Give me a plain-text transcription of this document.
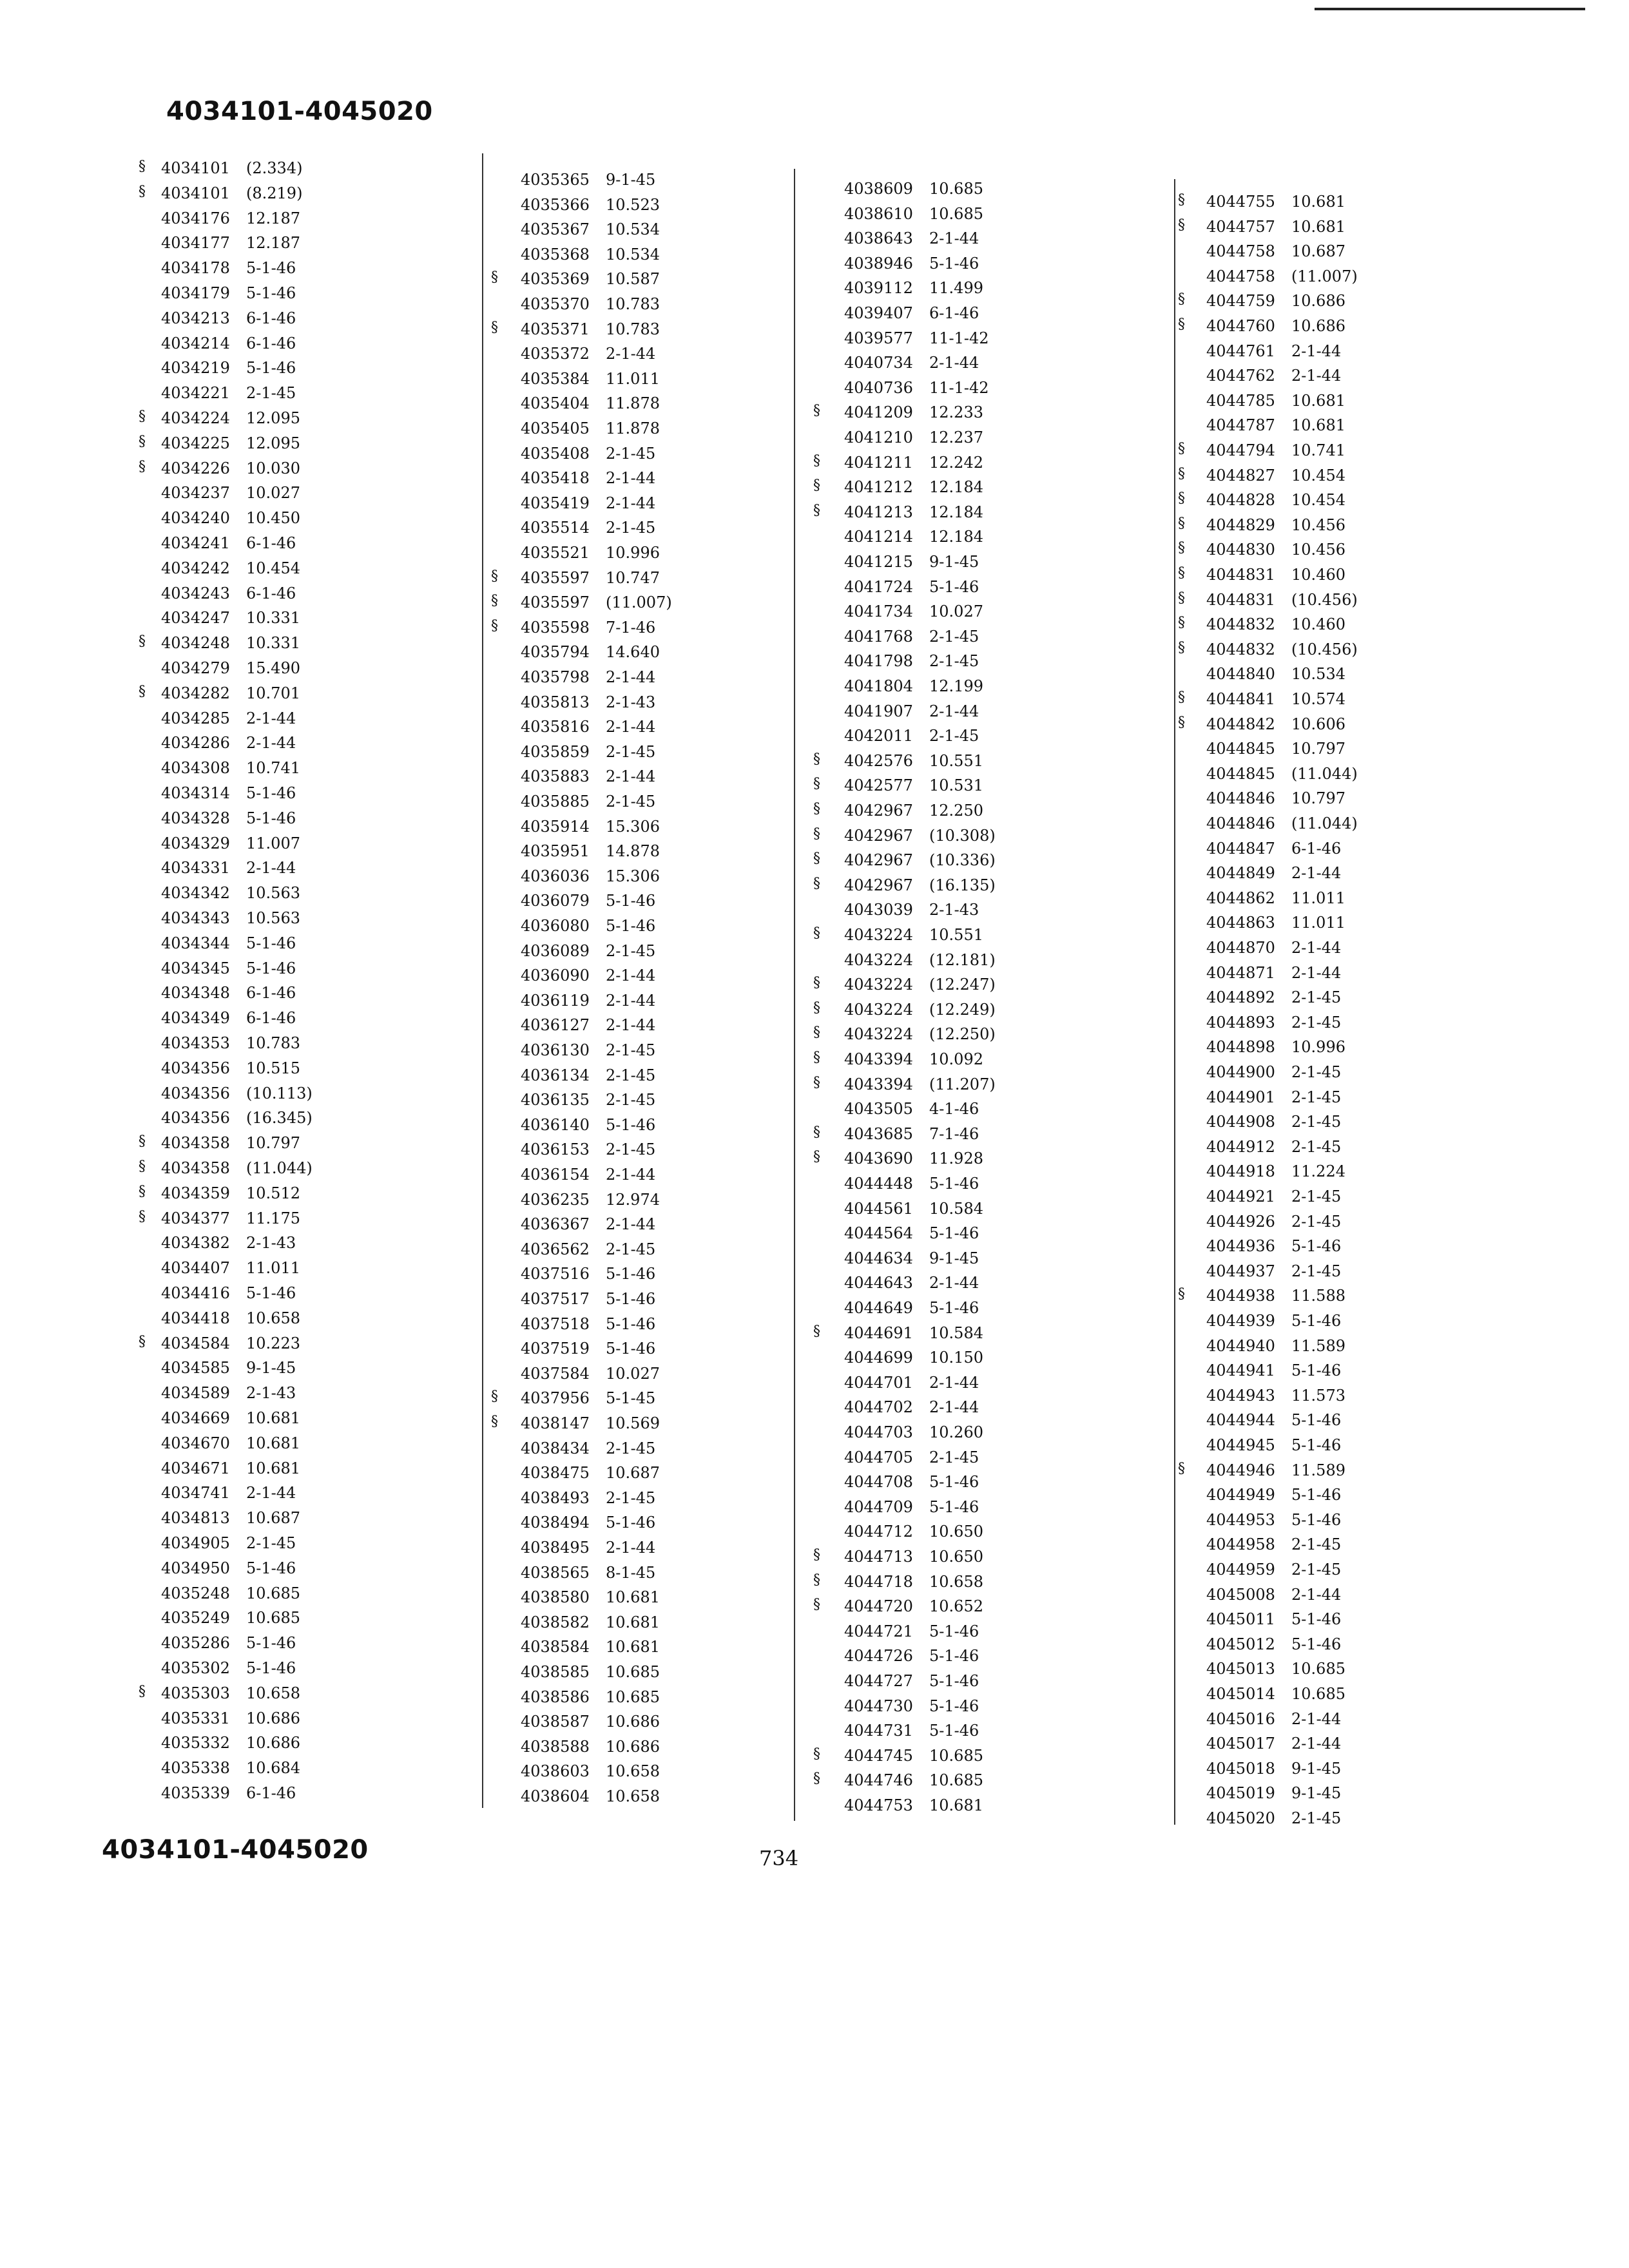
4034101-4045020
§ 4034101 (2.334)
§ 4034101 (8.219)
4034176 12.187
4034177 12.187
4034178 5-1-46
4034179 5-1-46
4034213 6-1-46
4034214 6-1-46
4034219 5-1-46
4034221 2-1-45
§ 4034224 12.095
§ 4034225 12.095
§ 4034226 10.030
4034237 10.027
4034240 10.450
4034241 6-1-46
4034242 10.454
4034243 6-1-46
4034247 10.331
§ 4034248 10.331
4034279 15.490
§ 4034282 10.701
4034285 2-1-44
4034286 2-1-44
4034308 10.741
4034314 5-1-46
4034328 5-1-46
4034329 11.007
4034331 2-1-44
4034342 10.563
4034343 10.563
4034344 5-1-46
4034345 5-1-46
4034348 6-1-46
4034349 6-1-46
4034353 10.783
4034356 10.515
4034356 (10.113)
4034356 (16.345)
§ 4034358 10.797
§ 4034358 (11.044)
§ 4034359 10.512
§ 4034377 11.175
4034382 2-1-43
4034407 11.011
4034416 5-1-46
4034418 10.658
§ 4034584 10.223
4034585 9-1-45
4034589 2-1-43
4034669 10.681
4034670 10.681
4034671 10.681
4034741 2-1-44
4034813 10.687
4034905 2-1-45
4034950 5-1-46
4035248 10.685
4035249 10.685
4035286 5-1-46
4035302 5-1-46
§ 4035303 10.658
4035331 10.686
4035332 10.686
4035338 10.684
4035339 6-1-46
4035365 9-1-45
4035366 10.523
4035367 10.534
4035368 10.534
§ 4035369 10.587
4035370 10.783
§ 4035371 10.783
4035372 2-1-44
4035384 11.011
4035404 11.878
4035405 11.878
4035408 2-1-45
4035418 2-1-44
4035419 2-1-44
4035514 2-1-45
4035521 10.996
§ 4035597 10.747
§ 4035597 (11.007)
§ 4035598 7-1-46
4035794 14.640
4035798 2-1-44
4035813 2-1-43
4035816 2-1-44
4035859 2-1-45
4035883 2-1-44
4035885 2-1-45
4035914 15.306
4035951 14.878
4036036 15.306
4036079 5-1-46
4036080 5-1-46
4036089 2-1-45
4036090 2-1-44
4036119 2-1-44
4036127 2-1-44
4036130 2-1-45
4036134 2-1-45
4036135 2-1-45
4036140 5-1-46
4036153 2-1-45
4036154 2-1-44
4036235 12.974
4036367 2-1-44
4036562 2-1-45
4037516 5-1-46
4037517 5-1-46
4037518 5-1-46
4037519 5-1-46
4037584 10.027
§ 4037956 5-1-45
§ 4038147 10.569
4038434 2-1-45
4038475 10.687
4038493 2-1-45
4038494 5-1-46
4038495 2-1-44
4038565 8-1-45
4038580 10.681
4038582 10.681
4038584 10.681
4038585 10.685
4038586 10.685
4038587 10.686
4038588 10.686
4038603 10.658
4038604 10.658
4038609 10.685
4038610 10.685
4038643 2-1-44
4038946 5-1-46
4039112 11.499
4039407 6-1-46
4039577 11-1-42
4040734 2-1-44
4040736 11-1-42
§ 4041209 12.233
4041210 12.237
§ 4041211 12.242
§ 4041212 12.184
§ 4041213 12.184
4041214 12.184
4041215 9-1-45
4041724 5-1-46
4041734 10.027
4041768 2-1-45
4041798 2-1-45
4041804 12.199
4041907 2-1-44
4042011 2-1-45
§ 4042576 10.551
§ 4042577 10.531
§ 4042967 12.250
§ 4042967 (10.308)
§ 4042967 (10.336)
§ 4042967 (16.135)
4043039 2-1-43
§ 4043224 10.551
4043224 (12.181)
§ 4043224 (12.247)
§ 4043224 (12.249)
§ 4043224 (12.250)
§ 4043394 10.092
§ 4043394 (11.207)
4043505 4-1-46
§ 4043685 7-1-46
§ 4043690 11.928
4044448 5-1-46
4044561 10.584
4044564 5-1-46
4044634 9-1-45
4044643 2-1-44
4044649 5-1-46
§ 4044691 10.584
4044699 10.150
4044701 2-1-44
4044702 2-1-44
4044703 10.260
4044705 2-1-45
4044708 5-1-46
4044709 5-1-46
4044712 10.650
§ 4044713 10.650
§ 4044718 10.658
§ 4044720 10.652
4044721 5-1-46
4044726 5-1-46
4044727 5-1-46
4044730 5-1-46
4044731 5-1-46
§ 4044745 10.685
§ 4044746 10.685
4044753 10.681
§ 4044755 10.681
§ 4044757 10.681
4044758 10.687
4044758 (11.007)
§ 4044759 10.686
§ 4044760 10.686
4044761 2-1-44
4044762 2-1-44
4044785 10.681
4044787 10.681
§ 4044794 10.741
§ 4044827 10.454
§ 4044828 10.454
§ 4044829 10.456
§ 4044830 10.456
§ 4044831 10.460
§ 4044831 (10.456)
§ 4044832 10.460
§ 4044832 (10.456)
4044840 10.534
§ 4044841 10.574
§ 4044842 10.606
4044845 10.797
4044845 (11.044)
4044846 10.797
4044846 (11.044)
4044847 6-1-46
4044849 2-1-44
4044862 11.011
4044863 11.011
4044870 2-1-44
4044871 2-1-44
4044892 2-1-45
4044893 2-1-45
4044898 10.996
4044900 2-1-45
4044901 2-1-45
4044908 2-1-45
4044912 2-1-45
4044918 11.224
4044921 2-1-45
4044926 2-1-45
4044936 5-1-46
4044937 2-1-45
§ 4044938 11.588
4044939 5-1-46
4044940 11.589
4044941 5-1-46
4044943 11.573
4044944 5-1-46
4044945 5-1-46
§ 4044946 11.589
4044949 5-1-46
4044953 5-1-46
4044958 2-1-45
4044959 2-1-45
4045008 2-1-44
4045011 5-1-46
4045012 5-1-46
4045013 10.685
4045014 10.685
4045016 2-1-44
4045017 2-1-44
4045018 9-1-45
4045019 9-1-45
4045020 2-1-45
4034101-4045020	734
